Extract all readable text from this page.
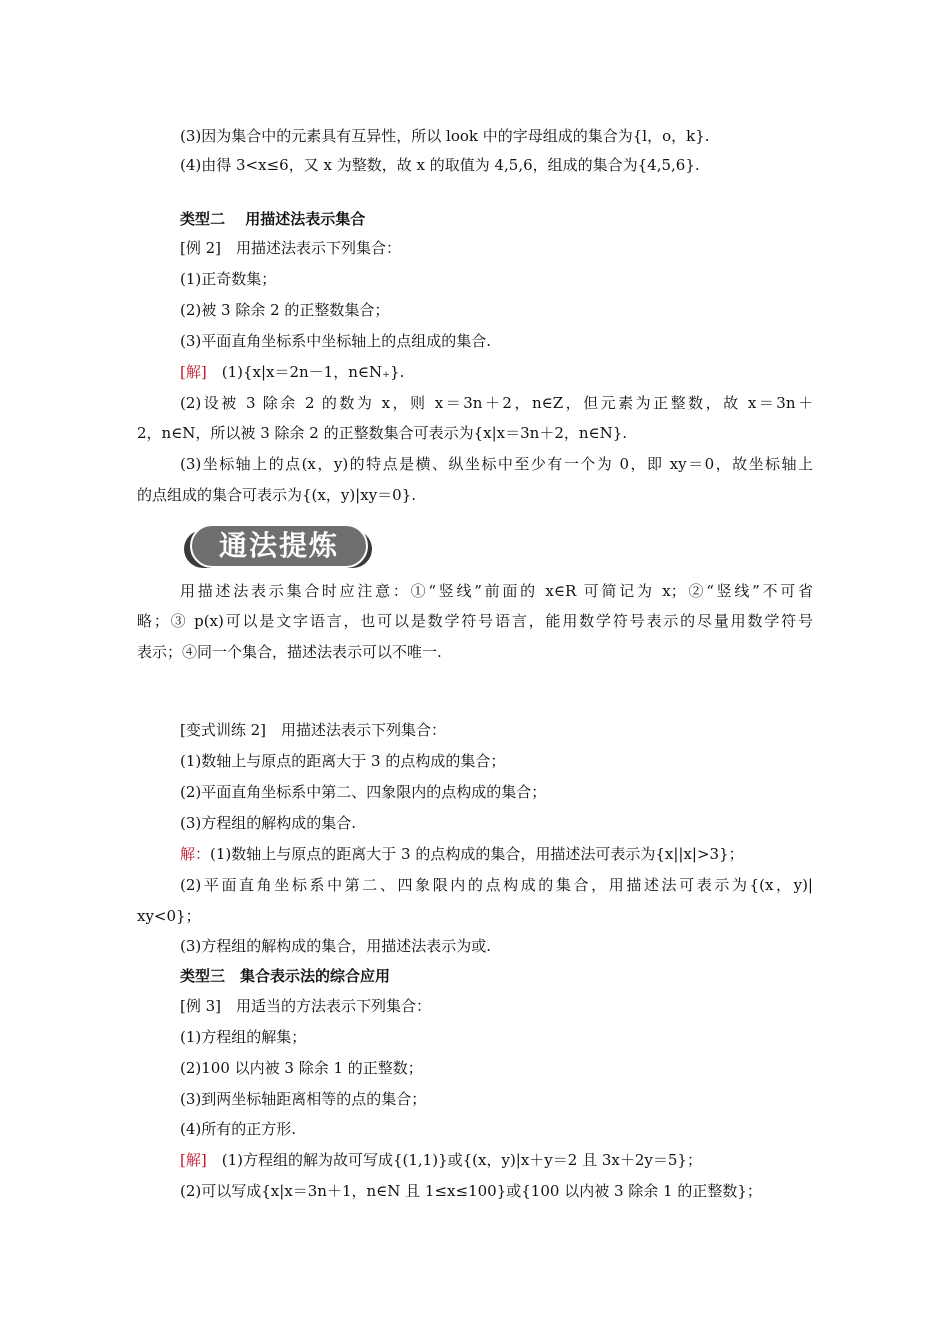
(3)因为集合中的元素具有互异性，所以 look 中的字母组成的集合为{l，o，k}.
(4)由得 3<x≤6，又 x 为整数，故 x 的取值为 4,5,6，组成的集合为{4,5,6}.
类型二　 用描述法表示集合
[例 2]　用描述法表示下列集合：
(1)正奇数集；
(2)被 3 除余 2 的正整数集合；
(3)平面直角坐标系中坐标轴上的点组成的集合.
[解]　(1){x|x＝2n－1，n∈N₊}.
(2)设被 3 除余 2 的数为 x，则 x＝3n＋2，n∈Z，但元素为正整数，故 x＝3n＋
2，n∈N，所以被 3 除余 2 的正整数集合可表示为{x|x＝3n＋2，n∈N}.
(3)坐标轴上的点(x，y)的特点是横、纵坐标中至少有一个为 0，即 xy＝0，故坐标轴上
的点组成的集合可表示为{(x，y)|xy＝0}.
通法提炼
用描述法表示集合时应注意：①“竖线”前面的 x∈R 可简记为 x；②“竖线”不可省
略；③ p(x)可以是文字语言，也可以是数学符号语言，能用数学符号表示的尽量用数学符号
表示；④同一个集合，描述法表示可以不唯一.
[变式训练 2]　用描述法表示下列集合：
(1)数轴上与原点的距离大于 3 的点构成的集合；
(2)平面直角坐标系中第二、四象限内的点构成的集合；
(3)方程组的解构成的集合.
解：(1)数轴上与原点的距离大于 3 的点构成的集合，用描述法可表示为{x||x|>3}；
(2)平面直角坐标系中第二、四象限内的点构成的集合，用描述法可表示为{(x，y)|
xy<0}；
(3)方程组的解构成的集合，用描述法表示为或.
类型三　集合表示法的综合应用
[例 3]　用适当的方法表示下列集合：
(1)方程组的解集；
(2)100 以内被 3 除余 1 的正整数；
(3)到两坐标轴距离相等的点的集合；
(4)所有的正方形.
[解]　(1)方程组的解为故可写成{(1,1)}或{(x，y)|x＋y＝2 且 3x＋2y＝5}；
(2)可以写成{x|x＝3n＋1，n∈N 且 1≤x≤100}或{100 以内被 3 除余 1 的正整数}；
